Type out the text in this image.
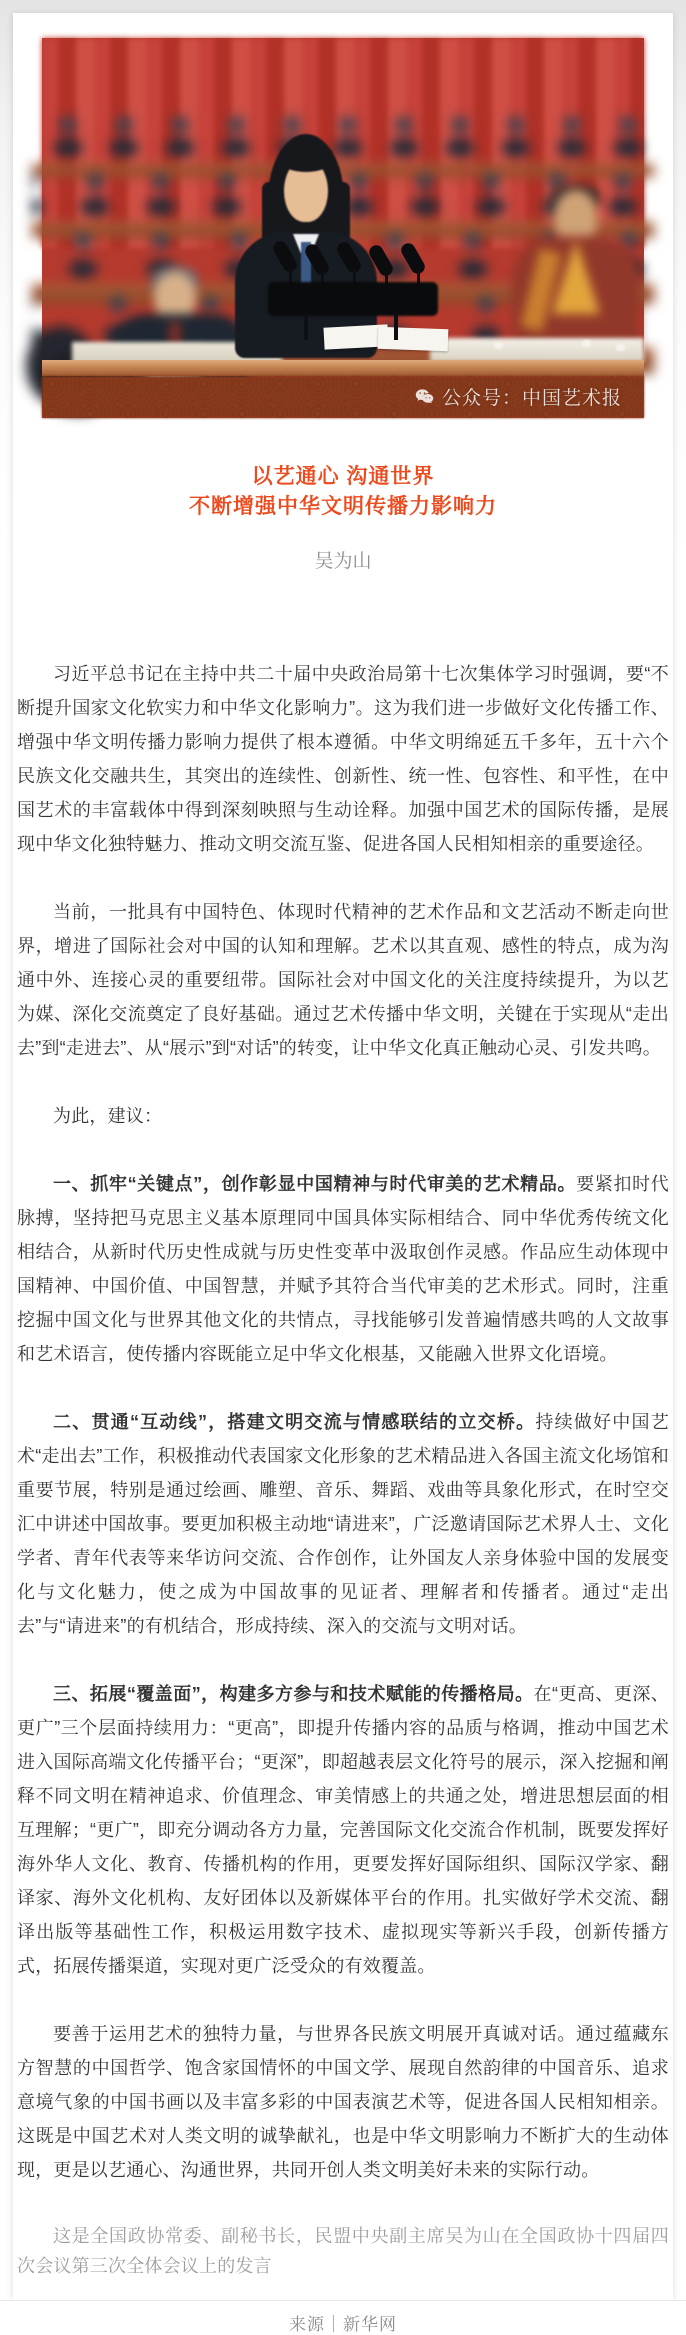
公众号：中国艺术报
以艺通心 沟通世界
不断增强中华文明传播力影响力
吴为山

习近平总书记在主持中共二十届中央政治局第十七次集体学习时强调，要“不断提升国家文化软实力和中华文化影响力”。这为我们进一步做好文化传播工作、增强中华文明传播力影响力提供了根本遵循。中华文明绵延五千多年，五十六个民族文化交融共生，其突出的连续性、创新性、统一性、包容性、和平性，在中国艺术的丰富载体中得到深刻映照与生动诠释。加强中国艺术的国际传播，是展现中华文化独特魅力、推动文明交流互鉴、促进各国人民相知相亲的重要途径。

当前，一批具有中国特色、体现时代精神的艺术作品和文艺活动不断走向世界，增进了国际社会对中国的认知和理解。艺术以其直观、感性的特点，成为沟通中外、连接心灵的重要纽带。国际社会对中国文化的关注度持续提升，为以艺为媒、深化交流奠定了良好基础。通过艺术传播中华文明，关键在于实现从“走出去”到“走进去”、从“展示”到“对话”的转变，让中华文化真正触动心灵、引发共鸣。

为此，建议：

一、抓牢“关键点”，创作彰显中国精神与时代审美的艺术精品。要紧扣时代脉搏，坚持把马克思主义基本原理同中国具体实际相结合、同中华优秀传统文化相结合，从新时代历史性成就与历史性变革中汲取创作灵感。作品应生动体现中国精神、中国价值、中国智慧，并赋予其符合当代审美的艺术形式。同时，注重挖掘中国文化与世界其他文化的共情点，寻找能够引发普遍情感共鸣的人文故事和艺术语言，使传播内容既能立足中华文化根基，又能融入世界文化语境。

二、贯通“互动线”，搭建文明交流与情感联结的立交桥。持续做好中国艺术“走出去”工作，积极推动代表国家文化形象的艺术精品进入各国主流文化场馆和重要节展，特别是通过绘画、雕塑、音乐、舞蹈、戏曲等具象化形式，在时空交汇中讲述中国故事。要更加积极主动地“请进来”，广泛邀请国际艺术界人士、文化学者、青年代表等来华访问交流、合作创作，让外国友人亲身体验中国的发展变化与文化魅力，使之成为中国故事的见证者、理解者和传播者。通过“走出去”与“请进来”的有机结合，形成持续、深入的交流与文明对话。

三、拓展“覆盖面”，构建多方参与和技术赋能的传播格局。在“更高、更深、更广”三个层面持续用力：“更高”，即提升传播内容的品质与格调，推动中国艺术进入国际高端文化传播平台；“更深”，即超越表层文化符号的展示，深入挖掘和阐释不同文明在精神追求、价值理念、审美情感上的共通之处，增进思想层面的相互理解；“更广”，即充分调动各方力量，完善国际文化交流合作机制，既要发挥好海外华人文化、教育、传播机构的作用，更要发挥好国际组织、国际汉学家、翻译家、海外文化机构、友好团体以及新媒体平台的作用。扎实做好学术交流、翻译出版等基础性工作，积极运用数字技术、虚拟现实等新兴手段，创新传播方式，拓展传播渠道，实现对更广泛受众的有效覆盖。

要善于运用艺术的独特力量，与世界各民族文明展开真诚对话。通过蕴藏东方智慧的中国哲学、饱含家国情怀的中国文学、展现自然韵律的中国音乐、追求意境气象的中国书画以及丰富多彩的中国表演艺术等，促进各国人民相知相亲。这既是中国艺术对人类文明的诚挚献礼，也是中华文明影响力不断扩大的生动体现，更是以艺通心、沟通世界，共同开创人类文明美好未来的实际行动。

这是全国政协常委、副秘书长，民盟中央副主席吴为山在全国政协十四届四次会议第三次全体会议上的发言

来源｜新华网
